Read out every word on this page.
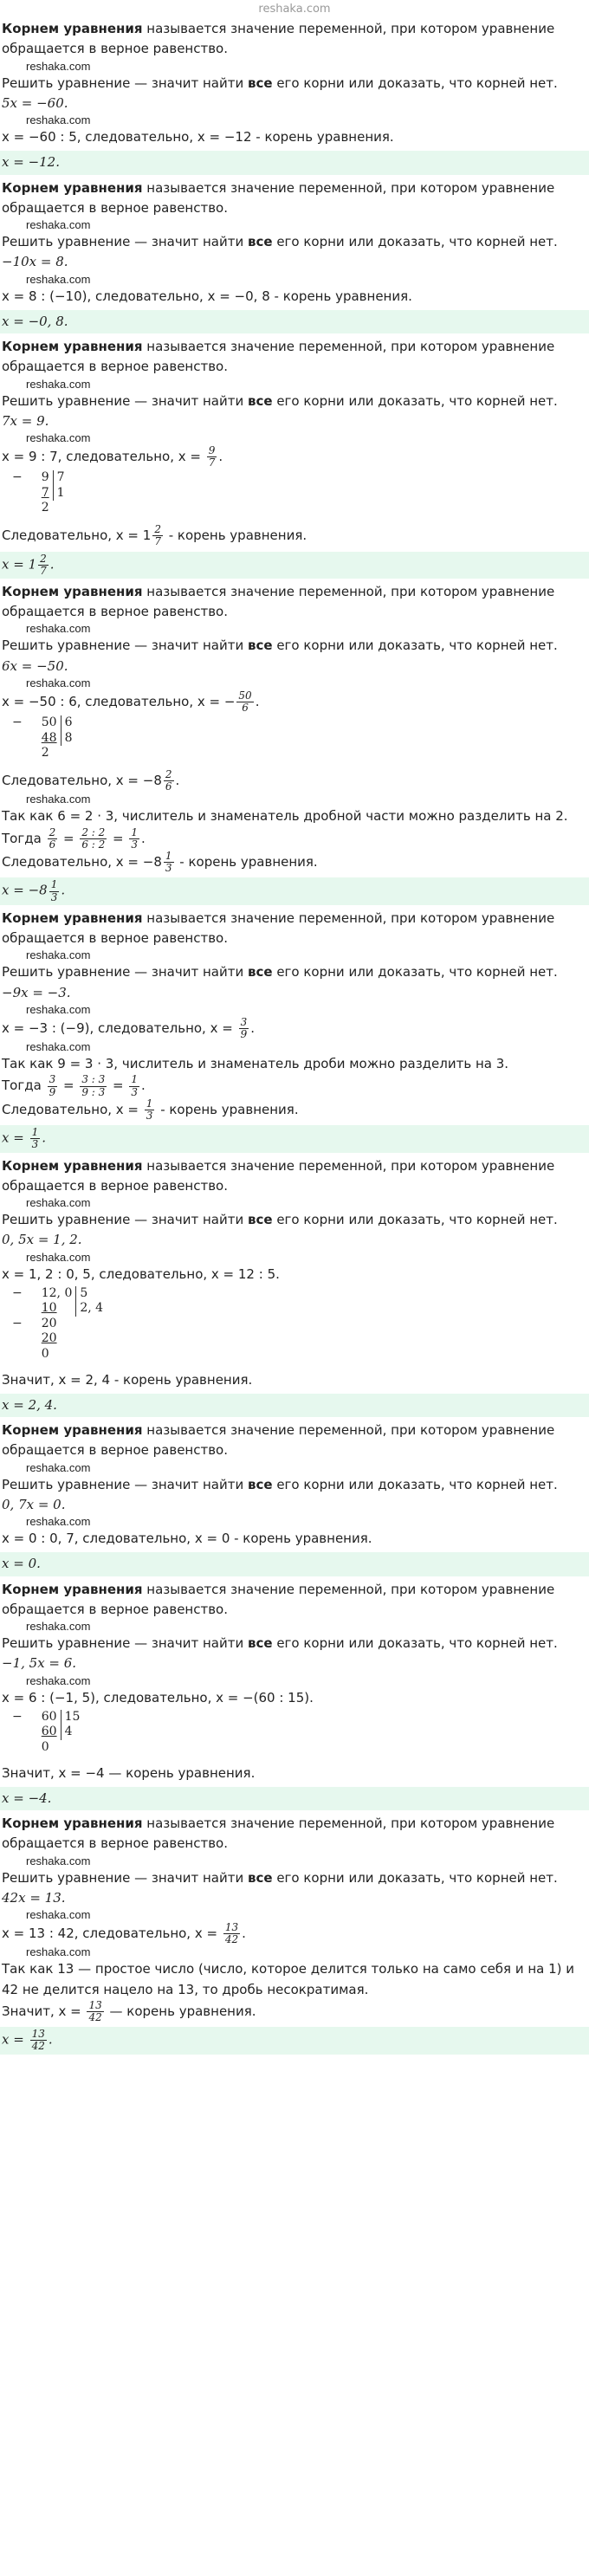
reshaka.com

Корнем уравнения называется значение переменной, при котором уравнение обращается в верное равенство.

reshaka.com

Решить уравнение — значит найти все его корни или доказать, что корней нет.

5x = −60.
reshaka.com
x = −60 : 5, следовательно, x = −12 - корень уравнения.
x = −12.

Корнем уравнения называется значение переменной, при котором уравнение обращается в верное равенство.

reshaka.com

Решить уравнение — значит найти все его корни или доказать, что корней нет.

−10x = 8.
reshaka.com
x = 8 : (−10), следовательно, x = −0, 8 - корень уравнения.
x = −0, 8.

Корнем уравнения называется значение переменной, при котором уравнение обращается в верное равенство.

reshaka.com

Решить уравнение — значит найти все его корни или доказать, что корней нет.

7x = 9.
reshaka.com
x = 9 : 7, следовательно, $x = \frac{9}{7}$ .
−	9	7
	7	1
	2	
Следовательно, $x = 1 \frac{2}{7}$ - корень уравнения.
$x = 1 \frac{2}{7}$ .

Корнем уравнения называется значение переменной, при котором уравнение обращается в верное равенство.

reshaka.com

Решить уравнение — значит найти все его корни или доказать, что корней нет.

6x = −50.
reshaka.com
x = −50 : 6, следовательно, x = − $\frac{50}{6}$ .
−	50	6
	48	8
	2	
Следовательно, $x = -8 \frac{2}{6}$ .
reshaka.com
Так как 6 = 2 · 3, числитель и знаменатель дробной части можно разделить на 2.
Тогда $\frac{2}{6} = \frac{2 : 2}{6 : 2} = \frac{1}{3}$ .
Следовательно, $x = -8 \frac{1}{3}$ - корень уравнения.
$x = -8 \frac{1}{3}$ .

Корнем уравнения называется значение переменной, при котором уравнение обращается в верное равенство.

reshaka.com

Решить уравнение — значит найти все его корни или доказать, что корней нет.

−9x = −3.
reshaka.com
x = −3 : (−9), следовательно, $x = \frac{3}{9}$ .
reshaka.com
Так как 9 = 3 · 3, числитель и знаменатель дроби можно разделить на 3.
Тогда $\frac{3}{9} = \frac{3 : 3}{9 : 3} = \frac{1}{3}$ .
Следовательно, $x = \frac{1}{3}$ - корень уравнения.
$x = \frac{1}{3}$ .

Корнем уравнения называется значение переменной, при котором уравнение обращается в верное равенство.

reshaka.com

Решить уравнение — значит найти все его корни или доказать, что корней нет.

0, 5x = 1, 2.
reshaka.com
x = 1, 2 : 0, 5, следовательно, x = 12 : 5.
−	12, 0	5
	10	2, 4
−	20	
	20	
	0	
Значит, x = 2, 4 - корень уравнения.
x = 2, 4.

Корнем уравнения называется значение переменной, при котором уравнение обращается в верное равенство.

reshaka.com

Решить уравнение — значит найти все его корни или доказать, что корней нет.

0, 7x = 0.
reshaka.com
x = 0 : 0, 7, следовательно, x = 0 - корень уравнения.
x = 0.

Корнем уравнения называется значение переменной, при котором уравнение обращается в верное равенство.

reshaka.com

Решить уравнение — значит найти все его корни или доказать, что корней нет.

−1, 5x = 6.
reshaka.com
x = 6 : (−1, 5), следовательно, x = −(60 : 15).
−	60	15
	60	4
	0	
Значит, x = −4 — корень уравнения.
x = −4.

Корнем уравнения называется значение переменной, при котором уравнение обращается в верное равенство.

reshaka.com

Решить уравнение — значит найти все его корни или доказать, что корней нет.

42x = 13.
reshaka.com
x = 13 : 42, следовательно, $x = \frac{13}{42}$ .
reshaka.com
Так как 13 — простое число (число, которое делится только на само себя и на 1) и 42 не делится нацело на 13, то дробь несократимая.
Значит, $x = \frac{13}{42}$ — корень уравнения.
$x = \frac{13}{42}$ .
